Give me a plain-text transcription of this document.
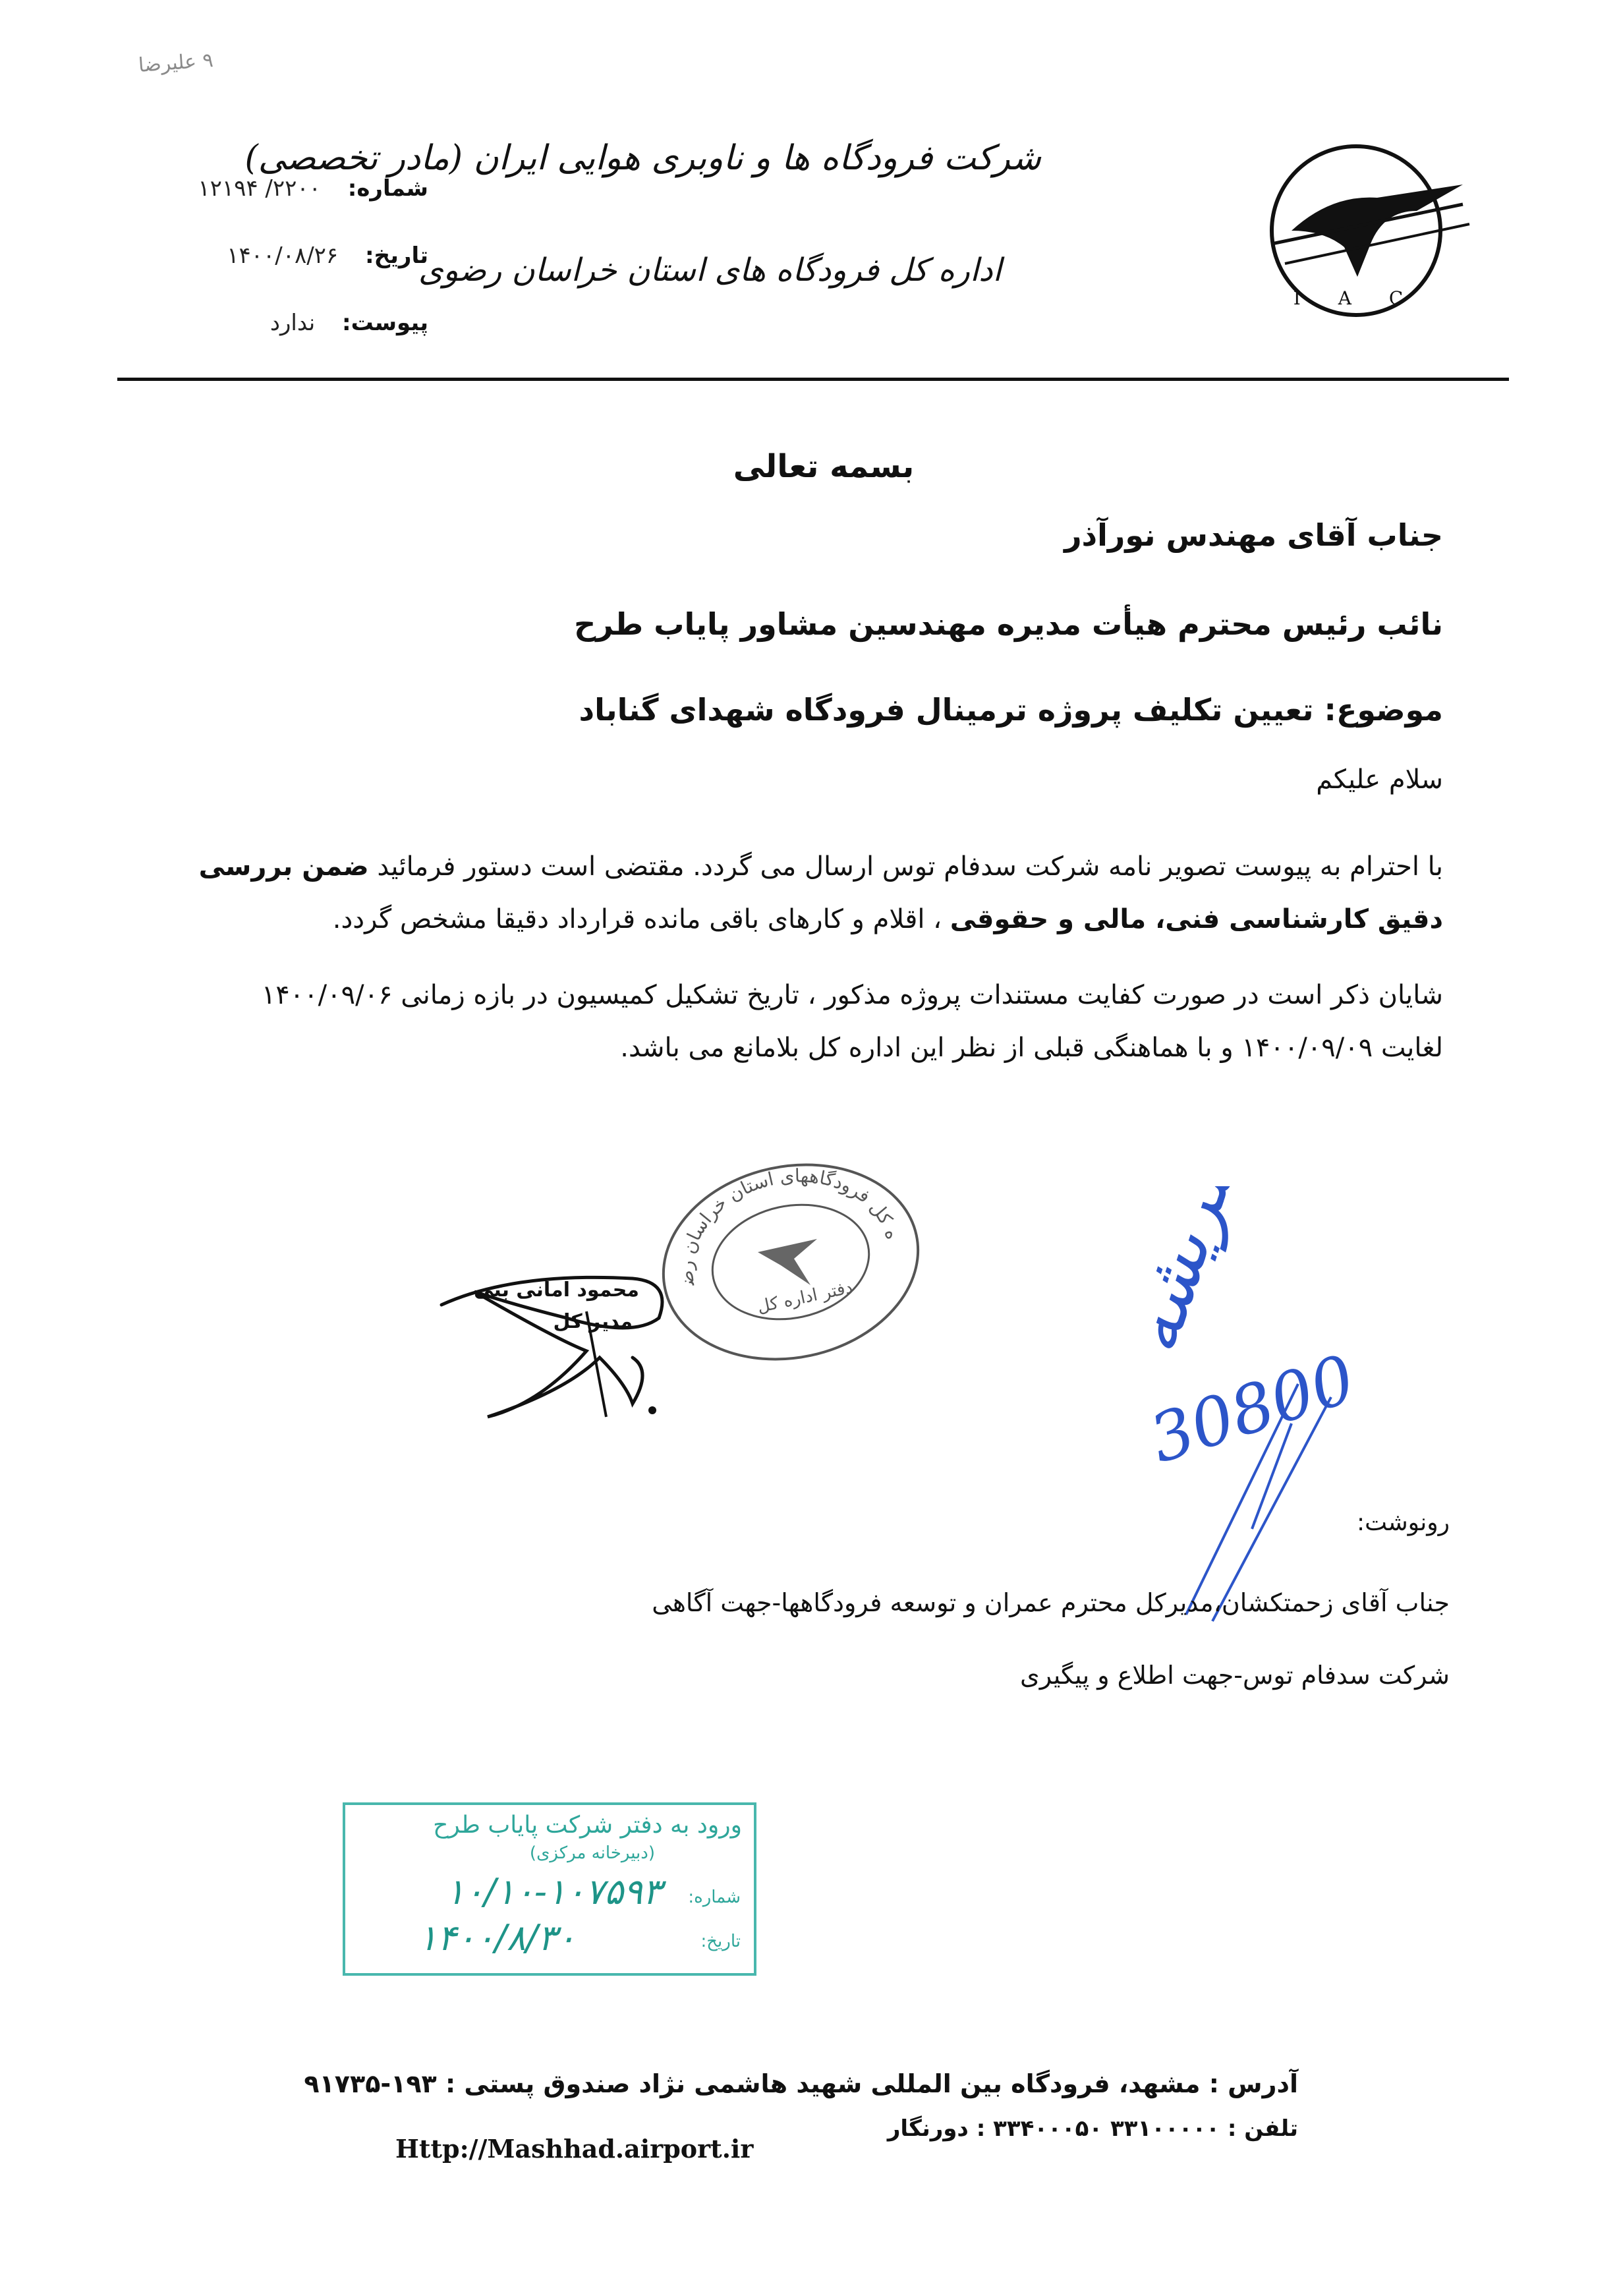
۹ علیرضا
I A C
شرکت فرودگاه ها و ناوبری هوایی ایران (مادر تخصصی)
اداره کل فرودگاه های استان خراسان رضوی
شماره: ۲۲۰۰/ ۱۲۱۹۴
تاریخ: ۱۴۰۰/۰۸/۲۶
پیوست: ندارد
بسمه تعالی
جناب آقای مهندس نورآذر
نائب رئیس محترم هیأت مدیره مهندسین مشاور پایاب طرح
موضوع: تعیین تکلیف پروژه ترمینال فرودگاه شهدای گناباد
سلام علیکم
با احترام به پیوست تصویر نامه شرکت سدفام توس ارسال می گردد. مقتضی است دستور فرمائید ضمن بررسی
دقیق کارشناسی فنی، مالی و حقوقی ، اقلام و کارهای باقی مانده قرارداد دقیقا مشخص گردد.
شایان ذکر است در صورت کفایت مستندات پروژه مذکور ، تاریخ تشکیل کمیسیون در بازه زمانی ۱۴۰۰/۰۹/۰۶
لغایت ۱۴۰۰/۰۹/۰۹ و با هماهنگی قبلی از نظر این اداره کل بلامانع می باشد.
اداره کل فرودگاههای استان خراسان رضوی
دفتر اداره کل
محمود امانی بنی
مدیر کل	مریشه
30800
رونوشت:
جناب آقای زحمتکشان،مدیرکل محترم عمران و توسعه فرودگاهها-جهت آگاهی
شرکت سدفام توس-جهت اطلاع و پیگیری
ورود به دفتر شرکت پایاب طرح
(دبیرخانه مرکزی)
شماره:
۱۰/۱۰-۱۰۷۵۹۳
تاریخ:
۱۴۰۰/۸/۳۰
آدرس : مشهد، فرودگاه بین المللی شهید هاشمی نژاد صندوق پستی : ۱۹۳-۹۱۷۳۵
تلفن : ۳۳۱۰۰۰۰۰ ۳۳۴۰۰۰۵۰ : دورنگار
Http://Mashhad.airport.ir
